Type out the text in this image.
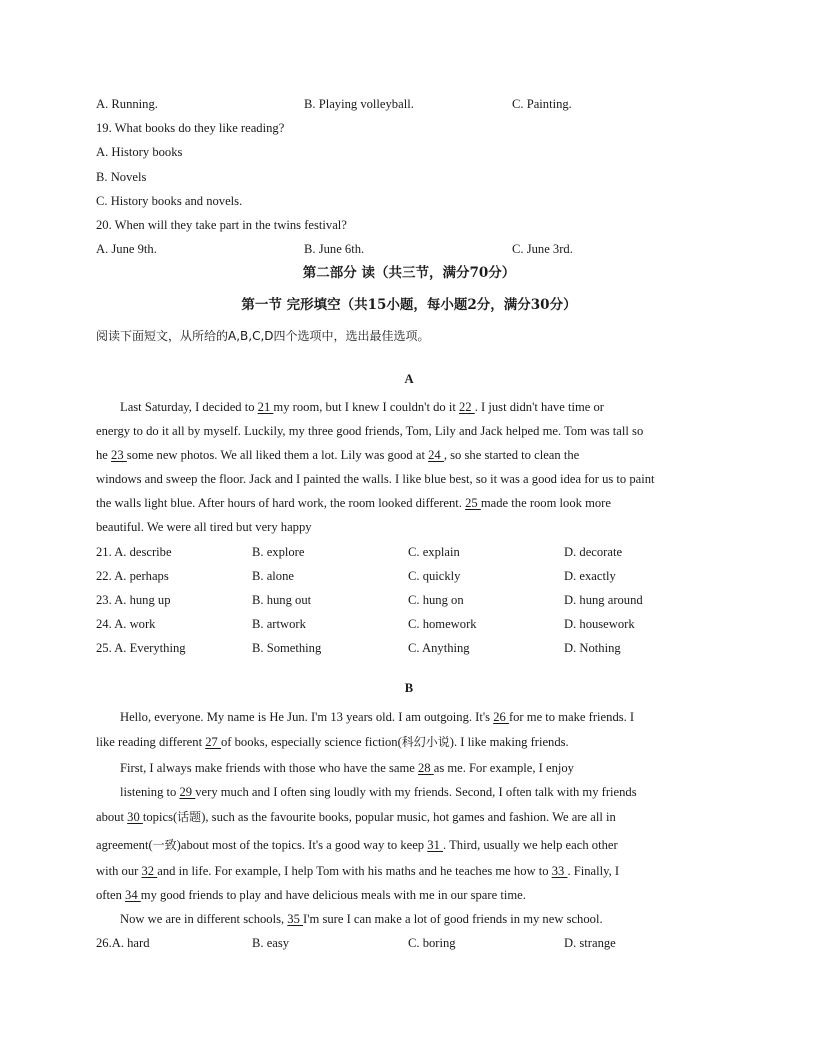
A. Running.	B. Playing volleyball.	C. Painting.
19. What books do they like reading?
A. History books
B. Novels
C. History books and novels.
20. When will they take part in the twins festival?
A. June 9th.	B. June 6th.	C. June 3rd.
第二部分 读（共三节，满分70分）
第一节 完形填空（共15小题，每小题2分，满分30分）
阅读下面短文，从所给的A,B,C,D四个选项中，选出最佳选项。
A
Last Saturday, I decided to 21 my room, but I knew I couldn't do it 22 . I just didn't have time or
energy to do it all by myself. Luckily, my three good friends, Tom, Lily and Jack helped me. Tom was tall so
he 23 some new photos. We all liked them a lot. Lily was good at 24 , so she started to clean the
windows and sweep the floor. Jack and I painted the walls. I like blue best, so it was a good idea for us to paint
the walls light blue. After hours of hard work, the room looked different. 25 made the room look more
beautiful. We were all tired but very happy
21. A. describe	B. explore	C. explain	D. decorate
22. A. perhaps	B. alone	C. quickly	D. exactly
23. A. hung up	B. hung out	C. hung on	D. hung around
24. A. work	B. artwork	C. homework	D. housework
25. A. Everything	B. Something	C. Anything	D. Nothing
B
Hello, everyone. My name is He Jun. I'm 13 years old. I am outgoing. It's 26 for me to make friends. I
like reading different 27 of books, especially science fiction(科幻小说). I like making friends.
First, I always make friends with those who have the same 28 as me. For example, I enjoy
listening to 29 very much and I often sing loudly with my friends. Second, I often talk with my friends
about 30 topics(话题), such as the favourite books, popular music, hot games and fashion. We are all in
agreement(一致)about most of the topics. It's a good way to keep 31 . Third, usually we help each other
with our 32 and in life. For example, I help Tom with his maths and he teaches me how to 33 . Finally, I
often 34 my good friends to play and have delicious meals with me in our spare time.
Now we are in different schools, 35 I'm sure I can make a lot of good friends in my new school.
26.A. hard	B. easy	C. boring	D. strange
